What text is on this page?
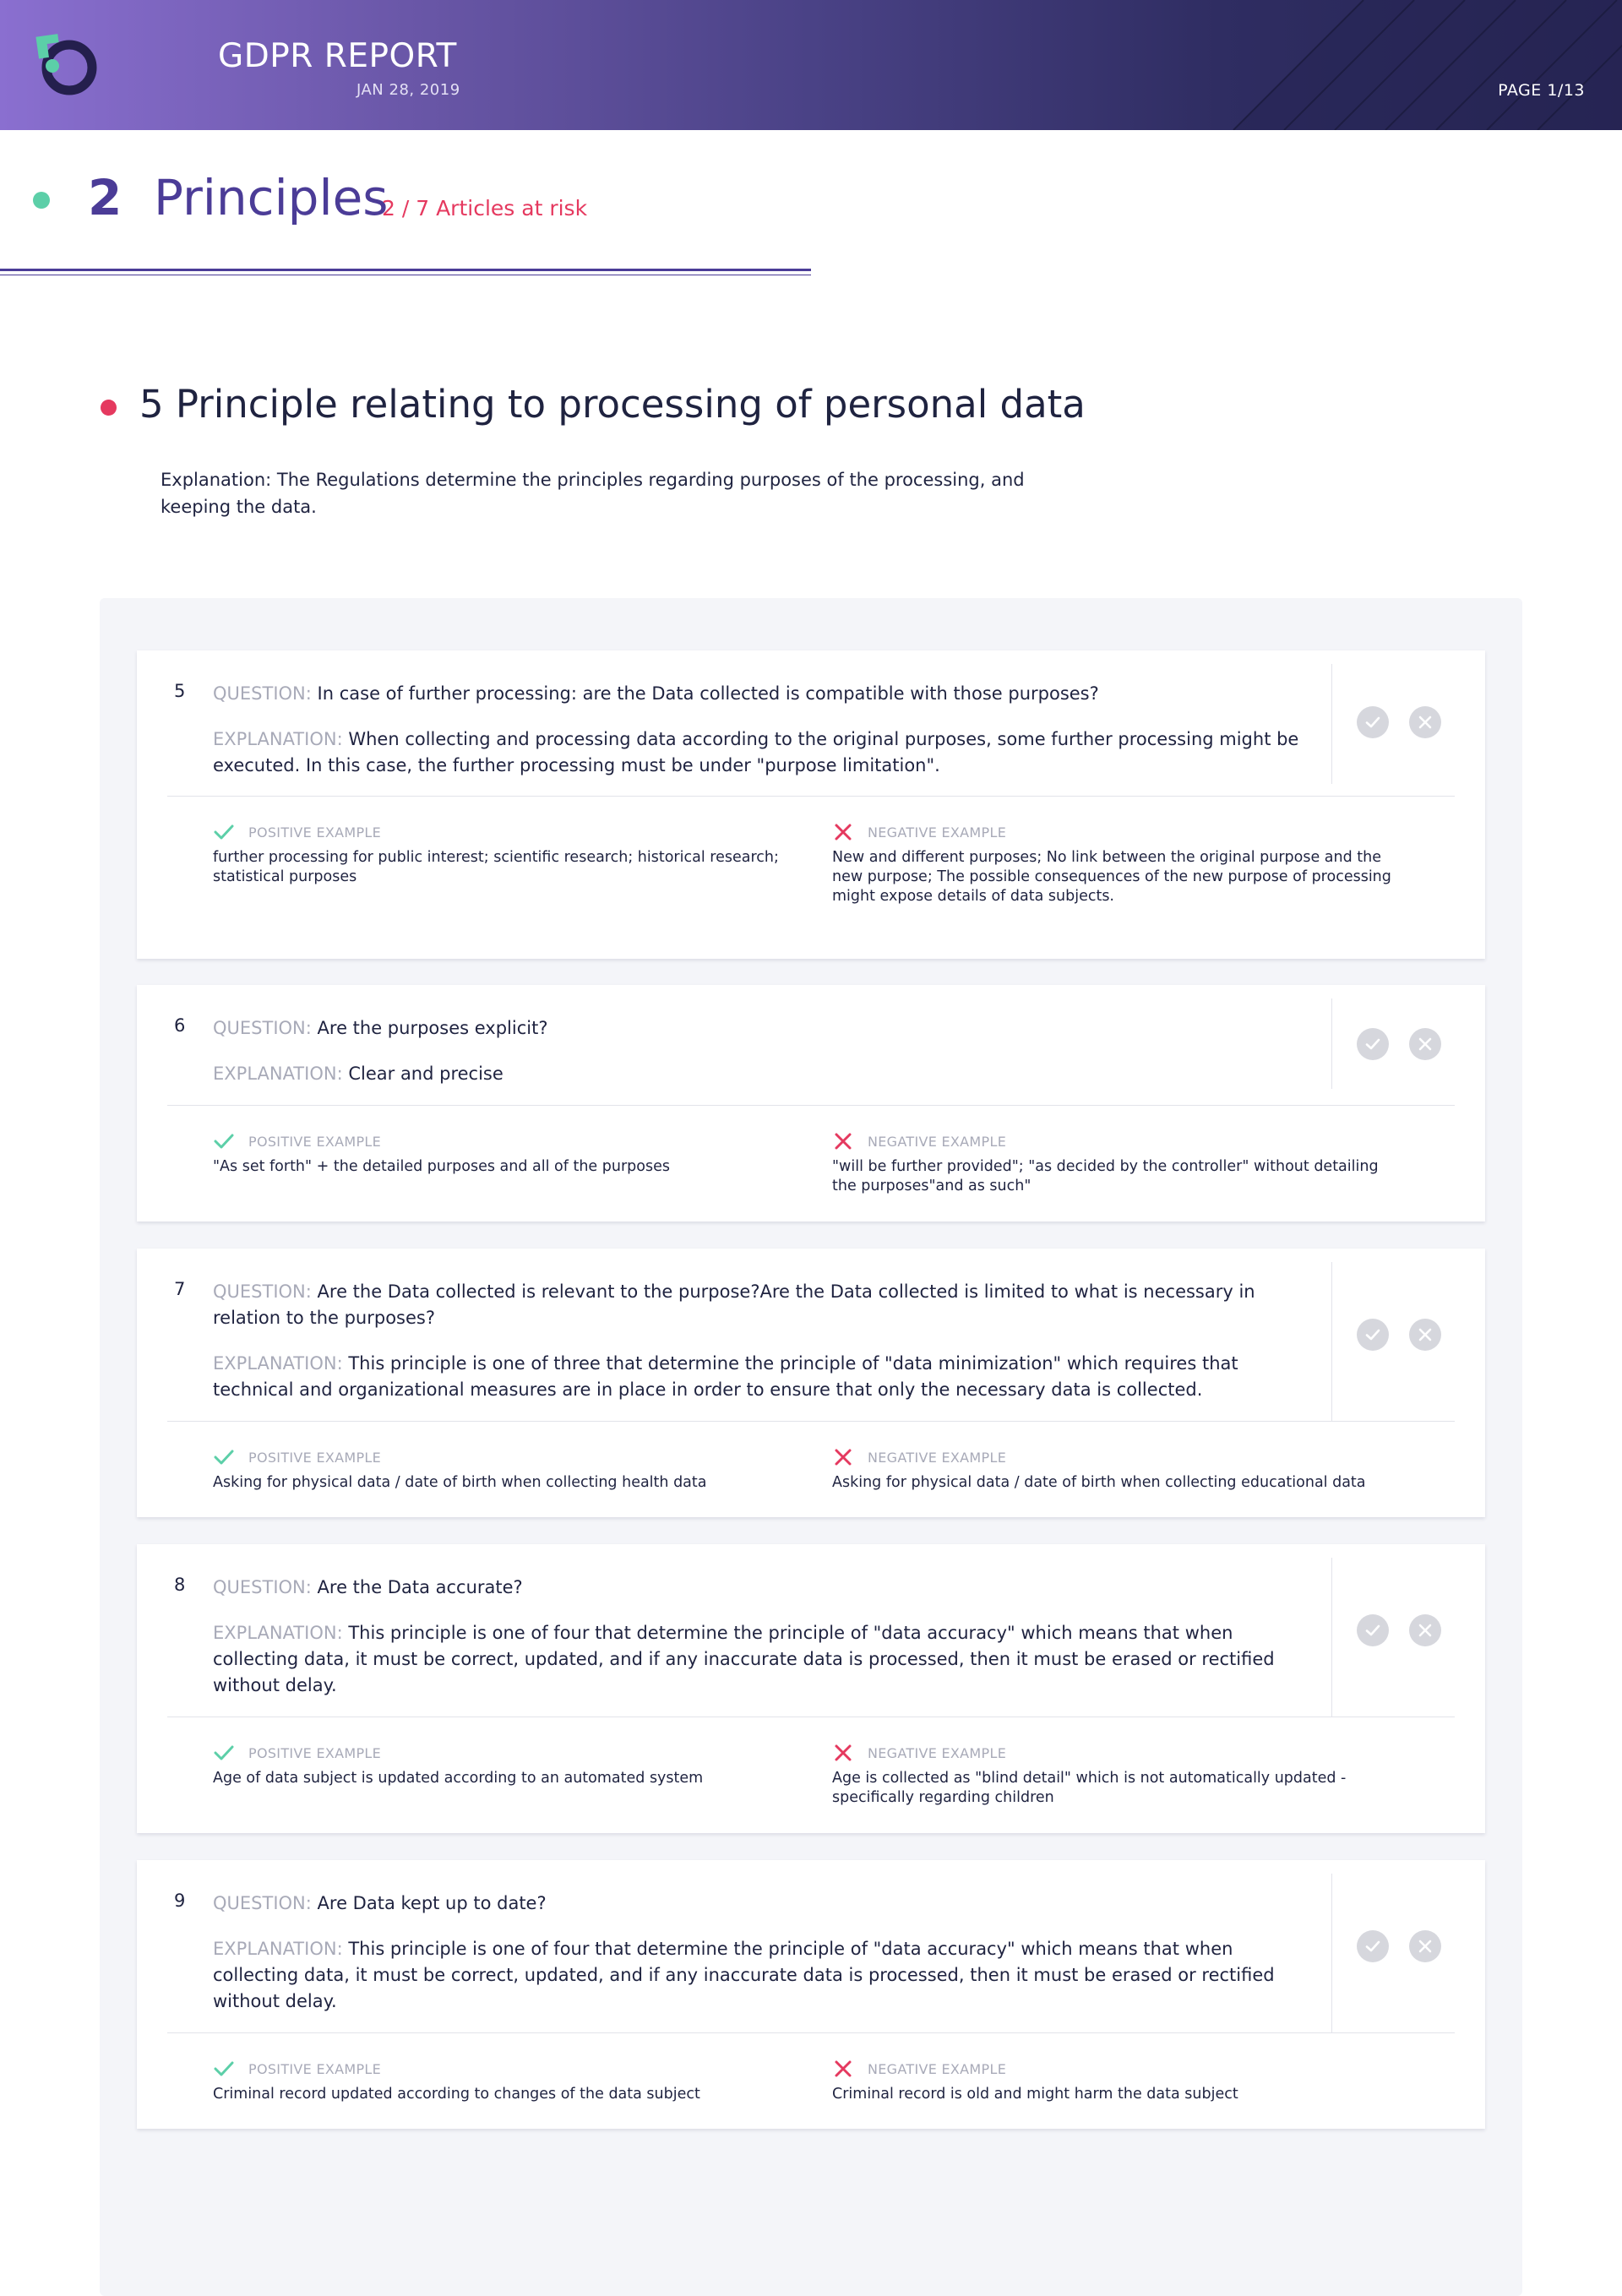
GDPR REPORT
JAN 28, 2019	PAGE 1/13
2 Principles
2 / 7 Articles at risk
5 Principle relating to processing of personal data
Explanation: The Regulations determine the principles regarding purposes of the processing, and keeping the data.
5 QUESTION: In case of further processing: are the Data collected is compatible with those purposes?

EXPLANATION: When collecting and processing data according to the original purposes, some further processing might be executed. In this case, the further processing must be under "purpose limitation".

POSITIVE EXAMPLE
further processing for public interest; scientific research; historical research; statistical purposes
NEGATIVE EXAMPLE
New and different purposes; No link between the original purpose and the new purpose; The possible consequences of the new purpose of processing might expose details of data subjects.
6 QUESTION: Are the purposes explicit?

EXPLANATION: Clear and precise

POSITIVE EXAMPLE
"As set forth" + the detailed purposes and all of the purposes
NEGATIVE EXAMPLE
"will be further provided"; "as decided by the controller" without detailing the purposes"and as such"
7 QUESTION: Are the Data collected is relevant to the purpose?Are the Data collected is limited to what is necessary in relation to the purposes?

EXPLANATION: This principle is one of three that determine the principle of "data minimization" which requires that technical and organizational measures are in place in order to ensure that only the necessary data is collected.

POSITIVE EXAMPLE
Asking for physical data / date of birth when collecting health data
NEGATIVE EXAMPLE
Asking for physical data / date of birth when collecting educational data
8 QUESTION: Are the Data accurate?

EXPLANATION: This principle is one of four that determine the principle of "data accuracy" which means that when collecting data, it must be correct, updated, and if any inaccurate data is processed, then it must be erased or rectified without delay.

POSITIVE EXAMPLE
Age of data subject is updated according to an automated system
NEGATIVE EXAMPLE
Age is collected as "blind detail" which is not automatically updated - specifically regarding children
9 QUESTION: Are Data kept up to date?

EXPLANATION: This principle is one of four that determine the principle of "data accuracy" which means that when collecting data, it must be correct, updated, and if any inaccurate data is processed, then it must be erased or rectified without delay.

POSITIVE EXAMPLE
Criminal record updated according to changes of the data subject
NEGATIVE EXAMPLE
Criminal record is old and might harm the data subject
